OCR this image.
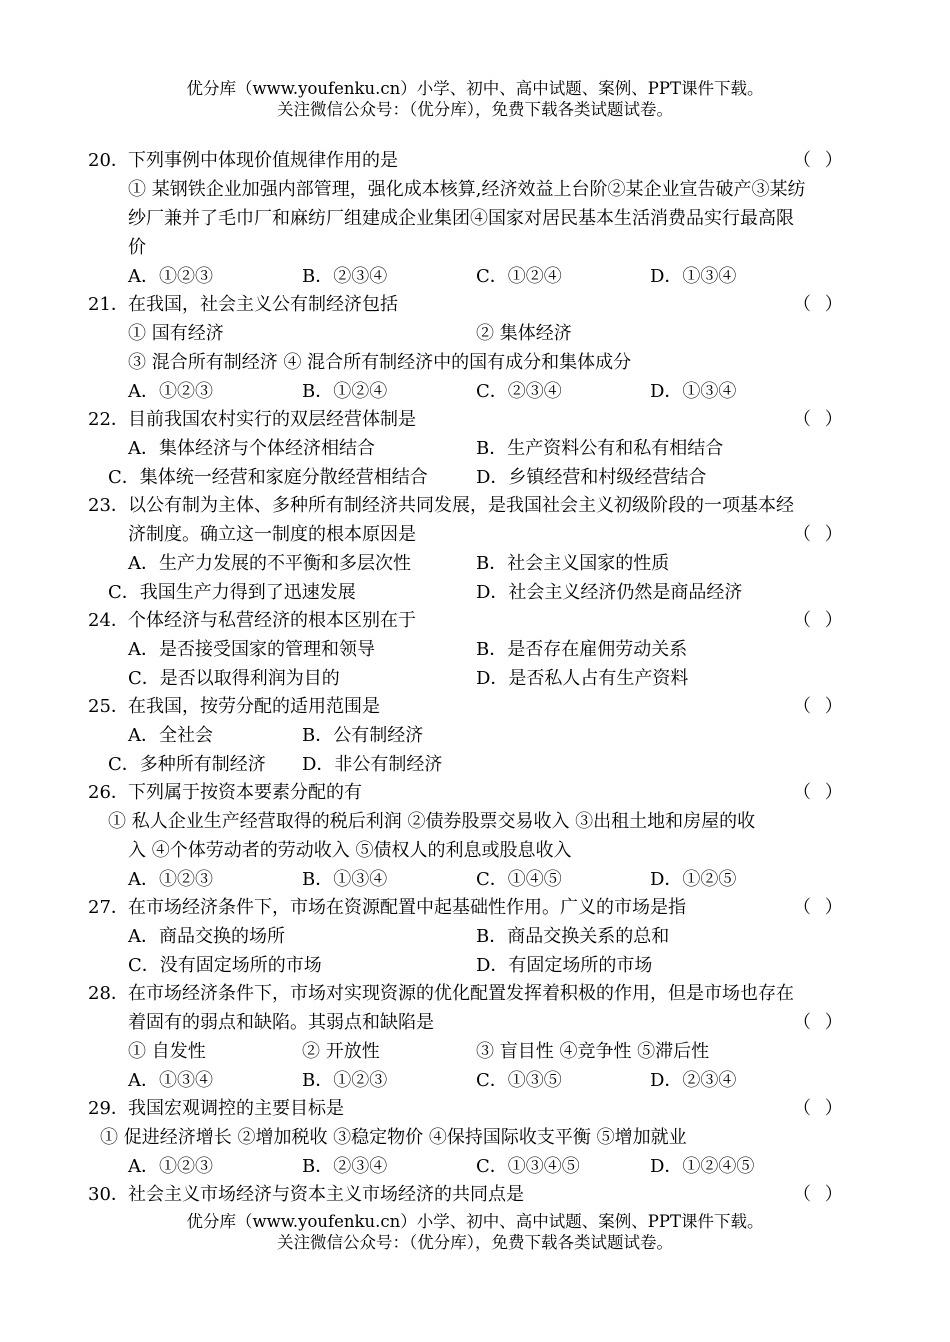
优分库（www.youfenku.cn）小学、初中、高中试题、案例、PPT课件下载。
关注微信公众号：（优分库），免费下载各类试题试卷。
20． 下列事例中体现价值规律作用的是	（ ）
① 某钢铁企业加强内部管理，强化成本核算,经济效益上台阶②某企业宣告破产③某纺
纱厂兼并了毛巾厂和麻纺厂组建成企业集团④国家对居民基本生活消费品实行最高限
价
A．①②③	B．②③④	C．①②④	D．①③④
21． 在我国，社会主义公有制经济包括	（ ）
① 国有经济	② 集体经济
③ 混合所有制经济 ④ 混合所有制经济中的国有成分和集体成分
A．①②③	B．①②④	C．②③④	D．①③④
22． 目前我国农村实行的双层经营体制是	（ ）
A．集体经济与个体经济相结合	B．生产资料公有和私有相结合
C．集体统一经营和家庭分散经营相结合	D．乡镇经营和村级经营结合
23． 以公有制为主体、多种所有制经济共同发展，是我国社会主义初级阶段的一项基本经
济制度。确立这一制度的根本原因是	（ ）
A．生产力发展的不平衡和多层次性	B．社会主义国家的性质
C．我国生产力得到了迅速发展	D．社会主义经济仍然是商品经济
24． 个体经济与私营经济的根本区别在于	（ ）
A．是否接受国家的管理和领导	B．是否存在雇佣劳动关系
C．是否以取得利润为目的	D．是否私人占有生产资料
25． 在我国，按劳分配的适用范围是	（ ）
A．全社会	B．公有制经济
C．多种所有制经济 D．非公有制经济
26． 下列属于按资本要素分配的有	（ ）
① 私人企业生产经营取得的税后利润 ②债券股票交易收入 ③出租土地和房屋的收
入 ④个体劳动者的劳动收入 ⑤债权人的利息或股息收入
A．①②③	B．①③④	C．①④⑤	D．①②⑤
27． 在市场经济条件下，市场在资源配置中起基础性作用。广义的市场是指	（ ）
A．商品交换的场所	B．商品交换关系的总和
C．没有固定场所的市场	D．有固定场所的市场
28． 在市场经济条件下，市场对实现资源的优化配置发挥着积极的作用，但是市场也存在
着固有的弱点和缺陷。其弱点和缺陷是	（ ）
① 自发性	② 开放性	③ 盲目性 ④竞争性 ⑤滞后性
A．①③④	B．①②③	C．①③⑤	D．②③④
29． 我国宏观调控的主要目标是	（ ）
① 促进经济增长 ②增加税收 ③稳定物价 ④保持国际收支平衡 ⑤增加就业
A．①②③	B．②③④	C．①③④⑤	D．①②④⑤
30． 社会主义市场经济与资本主义市场经济的共同点是	（ ）
优分库（www.youfenku.cn）小学、初中、高中试题、案例、PPT课件下载。
关注微信公众号：（优分库），免费下载各类试题试卷。
